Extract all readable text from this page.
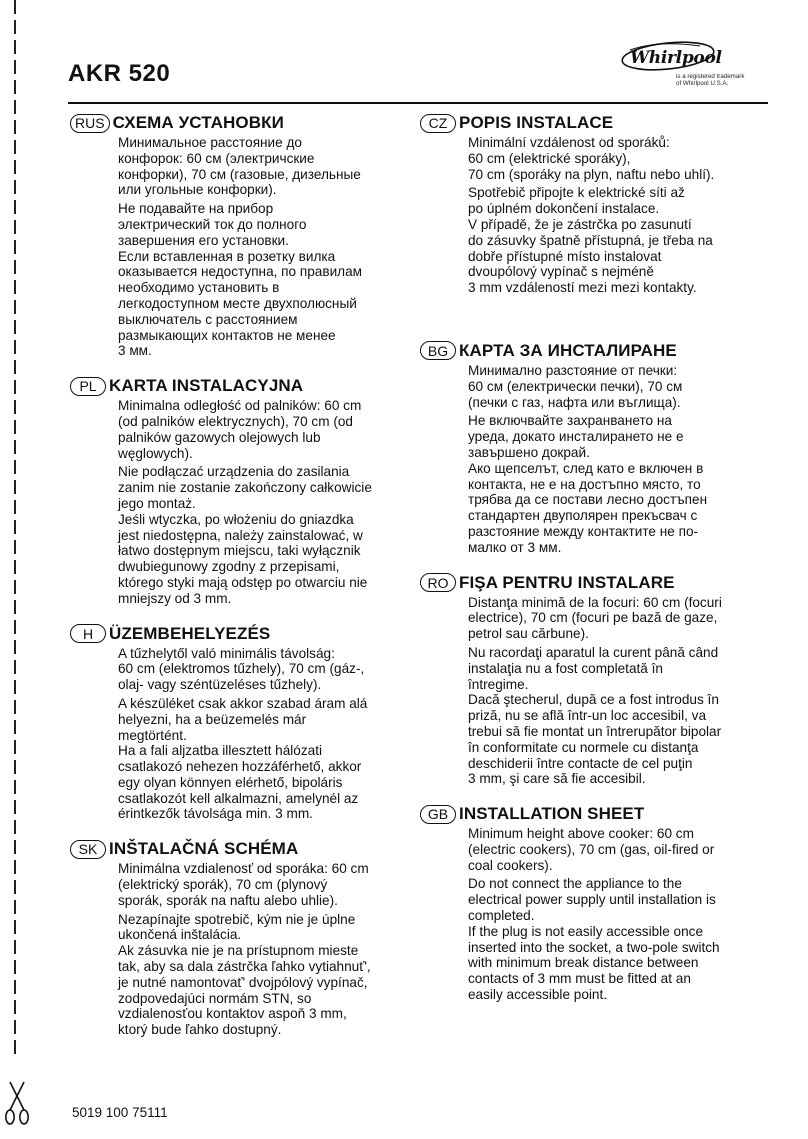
AKR 520
Whirlpool
is a registered trademark
of Whirlpool U.S.A.
RUS СХЕМА УСТАНОВКИ

Минимальное расстояние до
конфорок: 60 см (электричские
конфорки), 70 см (газовые, дизельные
или угольные конфорки).

Не подавайте на прибор
электрический ток до полного
завершения его установки.
Если вставленная в розетку вилка
оказывается недоступна, по правилам
необходимо установить в
легкодоступном месте двухполюсный
выключатель с расстоянием
размыкающих контактов не менее
3 мм.

PL KARTA INSTALACYJNA

Minimalna odległość od palników: 60 cm
(od palników elektrycznych), 70 cm (od
palników gazowych olejowych lub
węglowych).

Nie podłączać urządzenia do zasilania
zanim nie zostanie zakończony całkowicie
jego montaż.
Jeśli wtyczka, po włożeniu do gniazdka
jest niedostępna, należy zainstalować, w
łatwo dostępnym miejscu, taki wyłącznik
dwubiegunowy zgodny z przepisami,
którego styki mają odstęp po otwarciu nie
mniejszy od 3 mm.

H ÜZEMBEHELYEZÉS

A tűzhelytől való minimális távolság:
60 cm (elektromos tűzhely), 70 cm (gáz-,
olaj- vagy széntüzeléses tűzhely).

A készüléket csak akkor szabad áram alá
helyezni, ha a beüzemelés már
megtörtént.
Ha a fali aljzatba illesztett hálózati
csatlakozó nehezen hozzáférhető, akkor
egy olyan könnyen elérhető, bipoláris
csatlakozót kell alkalmazni, amelynél az
érintkezők távolsága min. 3 mm.

SK INŠTALAČNÁ SCHÉMA

Minimálna vzdialenosť od sporáka: 60 cm
(elektrický sporák), 70 cm (plynový
sporák, sporák na naftu alebo uhlie).

Nezapínajte spotrebič, kým nie je úplne
ukončená inštalácia.
Ak zásuvka nie je na prístupnom mieste
tak, aby sa dala zástrčka ľahko vytiahnuť',
je nutné namontovať' dvojpólový vypínač,
zodpovedajúci normám STN, so
vzdialenosťou kontaktov aspoň 3 mm,
ktorý bude ľahko dostupný.

CZ POPIS INSTALACE

Minimální vzdálenost od sporáků:
60 cm (elektrické sporáky),
70 cm (sporáky na plyn, naftu nebo uhlí).

Spotřebič připojte k elektrické síti až
po úplném dokončení instalace.
V případě, že je zástrčka po zasunutí
do zásuvky špatně přístupná, je třeba na
dobře přístupné místo instalovat
dvoupólový vypínač s nejméně
3 mm vzdáleností mezi mezi kontakty.

BG КАРТА ЗА ИНСТАЛИРАНЕ

Минимално разстояние от печки:
60 см (електрически печки), 70 см
(печки с газ, нафта или въглища).

Не включвайте захранването на
уреда, докато инсталирането не е
завършено докрай.
Ако щепселът, след като е включен в
контакта, не е на достъпно място, то
трябва да се постави лесно достъпен
стандартен двуполярен прекъсвач с
разстояние между контактите не по-
малко от 3 мм.

RO FIŞA PENTRU INSTALARE

Distanţa minimă de la focuri: 60 cm (focuri
electrice), 70 cm (focuri pe bază de gaze,
petrol sau cărbune).

Nu racordaţi aparatul la curent până când
instalaţia nu a fost completată în
întregime.
Dacă ştecherul, după ce a fost introdus în
priză, nu se află într-un loc accesibil, va
trebui să fie montat un întrerupător bipolar
în conformitate cu normele cu distanţa
deschiderii între contacte de cel puţin
3 mm, şi care să fie accesibil.

GB INSTALLATION SHEET

Minimum height above cooker: 60 cm
(electric cookers), 70 cm (gas, oil-fired or
coal cookers).

Do not connect the appliance to the
electrical power supply until installation is
completed.
If the plug is not easily accessible once
inserted into the socket, a two-pole switch
with minimum break distance between
contacts of 3 mm must be fitted at an
easily accessible point.

5019 100 75111
